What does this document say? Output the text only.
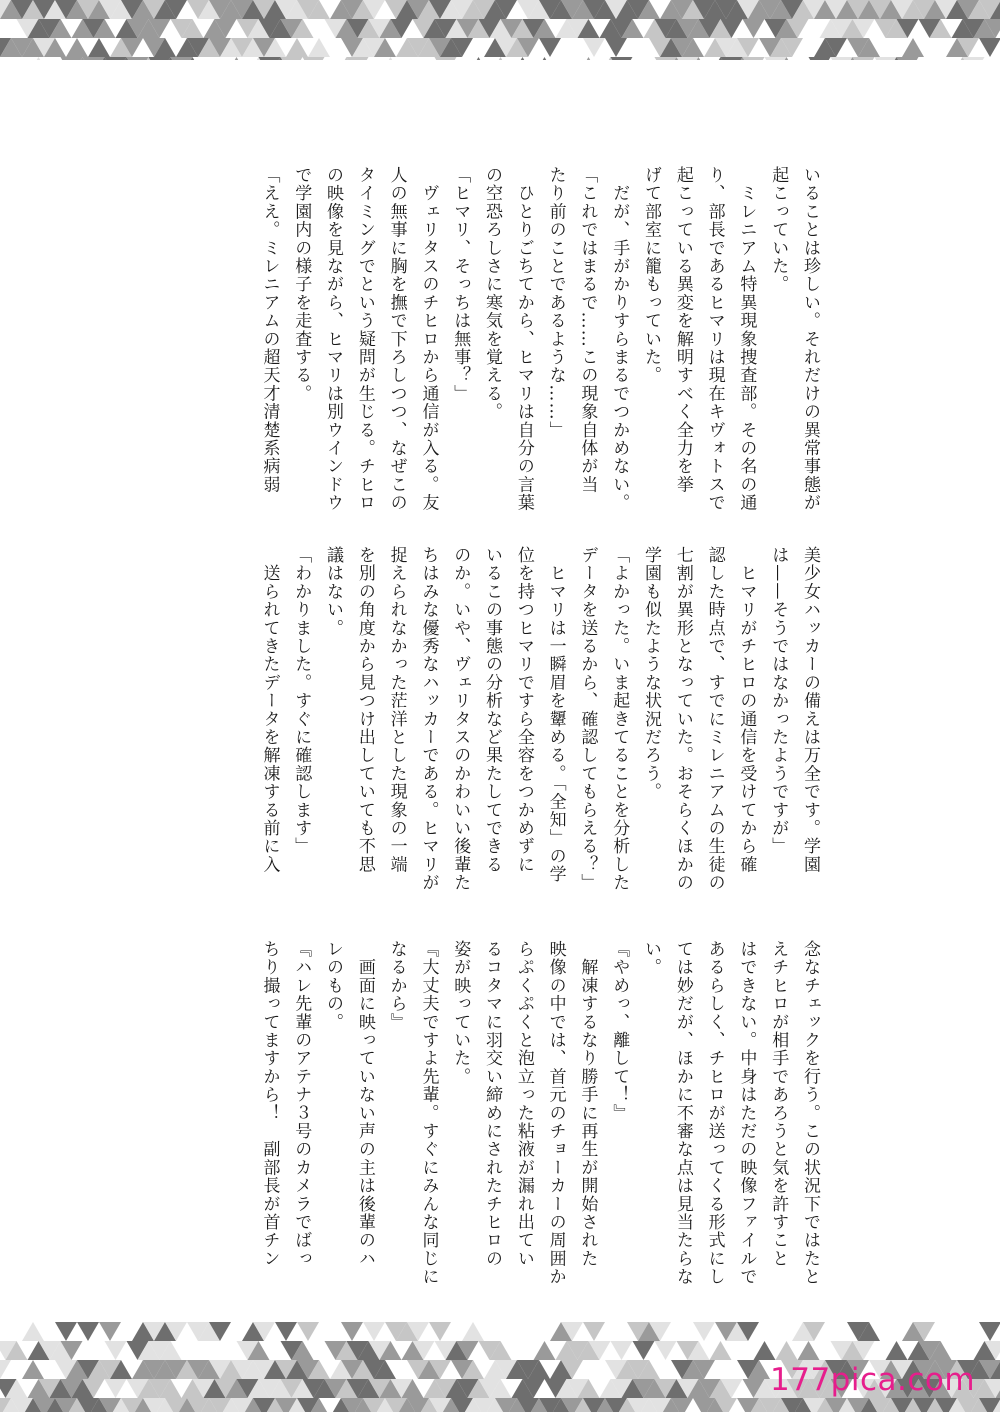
いることは珍しい。それだけの異常事態が

起こっていた。

　ミレニアム特異現象捜査部。その名の通

り、部長であるヒマリは現在キヴォトスで

起こっている異変を解明すべく全力を挙

げて部室に籠もっていた。

　だが、手がかりすらまるでつかめない。

「これではまるで……この現象自体が当

たり前のことであるような……」

　ひとりごちてから、ヒマリは自分の言葉

の空恐ろしさに寒気を覚える。

「ヒマリ、そっちは無事？」

　ヴェリタスのチヒロから通信が入る。友

人の無事に胸を撫で下ろしつつ、なぜこの

タイミングでという疑問が生じる。チヒロ

の映像を見ながら、ヒマリは別ウインドウ

で学園内の様子を走査する。

「ええ。ミレニアムの超天才清楚系病弱

美少女ハッカーの備えは万全です。学園

は——そうではなかったようですが」

　ヒマリがチヒロの通信を受けてから確

認した時点で、すでにミレニアムの生徒の

七割が異形となっていた。おそらくほかの

学園も似たような状況だろう。

「よかった。いま起きてることを分析した

データを送るから、確認してもらえる？」

　ヒマリは一瞬眉を顰める。「全知」の学

位を持つヒマリですら全容をつかめずに

いるこの事態の分析など果たしてできる

のか。いや、ヴェリタスのかわいい後輩た

ちはみな優秀なハッカーである。ヒマリが

捉えられなかった茫洋とした現象の一端

を別の角度から見つけ出していても不思

議はない。

「わかりました。すぐに確認します」

　送られてきたデータを解凍する前に入

念なチェックを行う。この状況下ではたと

えチヒロが相手であろうと気を許すこと

はできない。中身はただの映像ファイルで

あるらしく、チヒロが送ってくる形式にし

ては妙だが、ほかに不審な点は見当たらな

い。

『やめっ、離して！』

　解凍するなり勝手に再生が開始された

映像の中では、首元のチョーカーの周囲か

らぷくぷくと泡立った粘液が漏れ出てい

るコタマに羽交い締めにされたチヒロの

姿が映っていた。

『大丈夫ですよ先輩。すぐにみんな同じに

なるから』

　画面に映っていない声の主は後輩のハ

レのもの。

『ハレ先輩のアテナ３号のカメラでばっ

ちり撮ってますから！　副部長が首チン

177pica.com
